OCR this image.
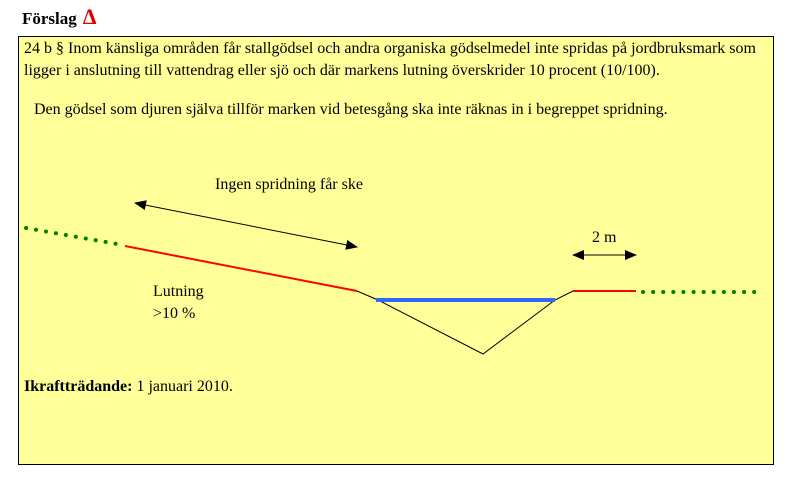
Förslag Δ

24 b § Inom känsliga områden får stallgödsel och andra organiska gödselmedel inte spridas på jordbruksmark som ligger i anslutning till vattendrag eller sjö och där markens lutning överskrider 10 procent (10/100).

Den gödsel som djuren själva tillför marken vid betesgång ska inte räknas in i begreppet spridning.

Ingen spridning får ske
2 m
Lutning
>10 %

Ikraftträdande: 1 januari 2010.
